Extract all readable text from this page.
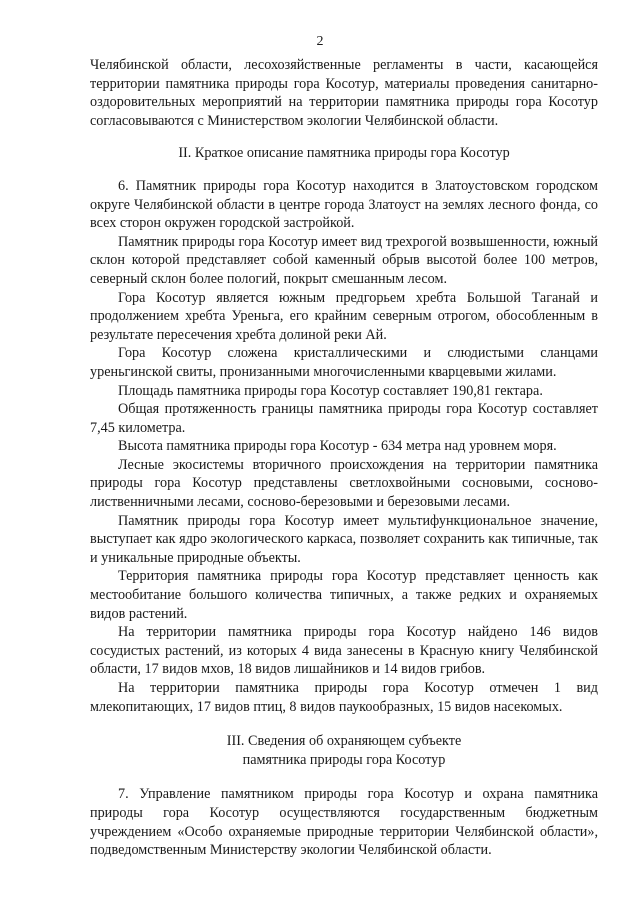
2

Челябинской области, лесохозяйственные регламенты в части, касающейся территории памятника природы гора Косотур, материалы проведения санитарно-оздоровительных мероприятий на территории памятника природы гора Косотур согласовываются с Министерством экологии Челябинской области.

II. Краткое описание памятника природы гора Косотур

6. Памятник природы гора Косотур находится в Златоустовском городском округе Челябинской области в центре города Златоуст на землях лесного фонда, со всех сторон окружен городской застройкой.

Памятник природы гора Косотур имеет вид трехрогой возвышенности, южный склон которой представляет собой каменный обрыв высотой более 100 метров, северный склон более пологий, покрыт смешанным лесом.

Гора Косотур является южным предгорьем хребта Большой Таганай и продолжением хребта Уреньга, его крайним северным отрогом, обособленным в результате пересечения хребта долиной реки Ай.

Гора Косотур сложена кристаллическими и слюдистыми сланцами уреньгинской свиты, пронизанными многочисленными кварцевыми жилами.

Площадь памятника природы гора Косотур составляет 190,81 гектара.

Общая протяженность границы памятника природы гора Косотур составляет 7,45 километра.

Высота памятника природы гора Косотур - 634 метра над уровнем моря.

Лесные экосистемы вторичного происхождения на территории памятника природы гора Косотур представлены светлохвойными сосновыми, сосново-лиственничными лесами, сосново-березовыми и березовыми лесами.

Памятник природы гора Косотур имеет мультифункциональное значение, выступает как ядро экологического каркаса, позволяет сохранить как типичные, так и уникальные природные объекты.

Территория памятника природы гора Косотур представляет ценность как местообитание большого количества типичных, а также редких и охраняемых видов растений.

На территории памятника природы гора Косотур найдено 146 видов сосудистых растений, из которых 4 вида занесены в Красную книгу Челябинской области, 17 видов мхов, 18 видов лишайников и 14 видов грибов.

На территории памятника природы гора Косотур отмечен 1 вид млекопитающих, 17 видов птиц, 8 видов паукообразных, 15 видов насекомых.

III. Сведения об охраняющем субъекте
памятника природы гора Косотур

7. Управление памятником природы гора Косотур и охрана памятника природы гора Косотур осуществляются государственным бюджетным учреждением «Особо охраняемые природные территории Челябинской области», подведомственным Министерству экологии Челябинской области.
